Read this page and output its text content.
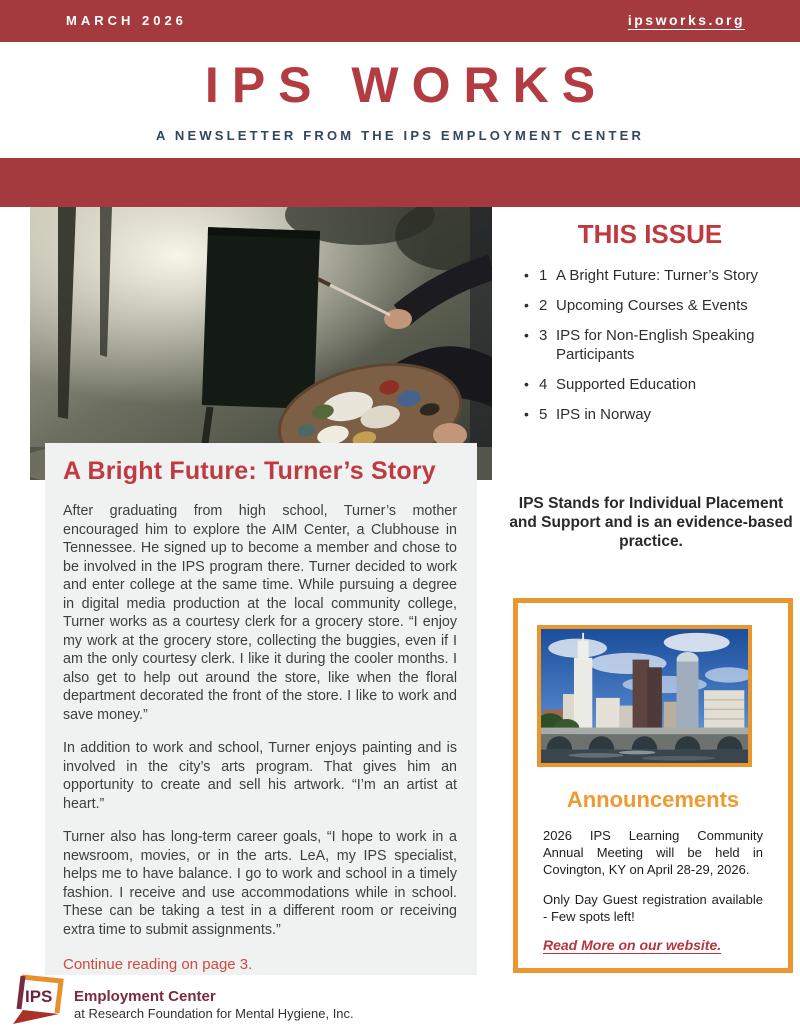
MARCH 2026	ipsworks.org
IPS WORKS
A NEWSLETTER FROM THE IPS EMPLOYMENT CENTER
A Bright Future: Turner’s Story

After graduating from high school, Turner’s mother encouraged him to explore the AIM Center, a Clubhouse in Tennessee. He signed up to become a member and chose to be involved in the IPS program there. Turner decided to work and enter college at the same time. While pursuing a degree in digital media production at the local community college, Turner works as a courtesy clerk for a grocery store. “I enjoy my work at the grocery store, collecting the buggies, even if I am the only courtesy clerk. I like it during the cooler months. I also get to help out around the store, like when the floral department decorated the front of the store. I like to work and save money.”

In addition to work and school, Turner enjoys painting and is involved in the city’s arts program. That gives him an opportunity to create and sell his artwork. “I’m an artist at heart.”

Turner also has long-term career goals, “I hope to work in a newsroom, movies, or in the arts. LeA, my IPS specialist, helps me to have balance. I go to work and school in a timely fashion. I receive and use accommodations while in school. These can be taking a test in a different room or receiving extra time to submit assignments.”

Continue reading on page 3.
THIS ISSUE
• 1 A Bright Future: Turner’s Story
• 2 Upcoming Courses & Events
• 3 IPS for Non-English Speaking Participants
• 4 Supported Education
• 5 IPS in Norway

IPS Stands for Individual Placement and Support and is an evidence-based practice.

Announcements

2026 IPS Learning Community Annual Meeting will be held in Covington, KY on April 28-29, 2026.

Only Day Guest registration available - Few spots left!

Read More on our website.
IPS Employment Center
at Research Foundation for Mental Hygiene, Inc.
